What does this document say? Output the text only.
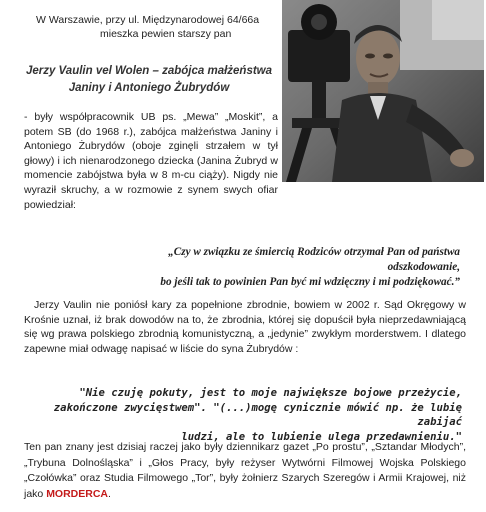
W Warszawie, przy ul. Międzynarodowej 64/66a
mieszka pewien starszy pan
Jerzy Vaulin vel Wolen – zabójca małżeństwa
Janiny i Antoniego Żubrydów
- były współpracownik UB ps. „Mewa” „Moskit”, a potem SB (do 1968 r.), zabójca małżeństwa Janiny i Antoniego Żubrydów (oboje zginęli strzałem w tył głowy) i ich nienarodzonego dziecka (Janina Żubryd w momencie zabójstwa była w 8 m-cu ciąży). Nigdy nie wyraził skruchy, a w rozmowie z synem swych ofiar powiedział:
„Czy w związku ze śmiercią Rodziców otrzymał Pan od państwa
odszkodowanie,
bo jeśli tak to powinien Pan być mi wdzięczny i mi podziękować.”
Jerzy Vaulin nie poniósł kary za popełnione zbrodnie, bowiem w 2002 r. Sąd Okręgowy w Krośnie uznał, iż brak dowodów na to, że zbrodnia, której się dopuścił była nieprzedawniającą się wg prawa polskiego zbrodnią komunistyczną, a „jedynie” zwykłym morderstwem. I dlatego zapewne miał odwagę napisać w liście do syna Żubrydów :
"Nie czuję pokuty, jest to moje największe bojowe przeżycie,
zakończone zwycięstwem". "(...)mogę cynicznie mówić np. że lubię zabijać
ludzi, ale to lubienie ulega przedawnieniu."
Ten pan znany jest dzisiaj raczej jako były dziennikarz gazet „Po prostu”, „Sztandar Młodych”, „Trybuna Dolnośląska” i „Głos Pracy, były reżyser Wytwórni Filmowej Wojska Polskiego „Czołówka” oraz Studia Filmowego „Tor”, były żołnierz Szarych Szeregów i Armii Krajowej, niż jako MORDERCA.
